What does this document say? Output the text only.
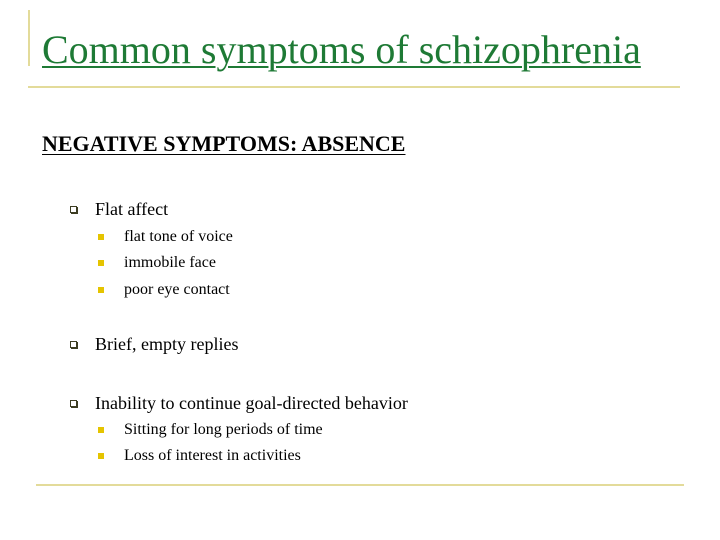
Common symptoms of schizophrenia
NEGATIVE SYMPTOMS: ABSENCE
Flat affect
flat tone of voice
immobile face
poor eye contact
Brief, empty replies
Inability to continue goal-directed behavior
Sitting for long periods of time
Loss of interest in activities
